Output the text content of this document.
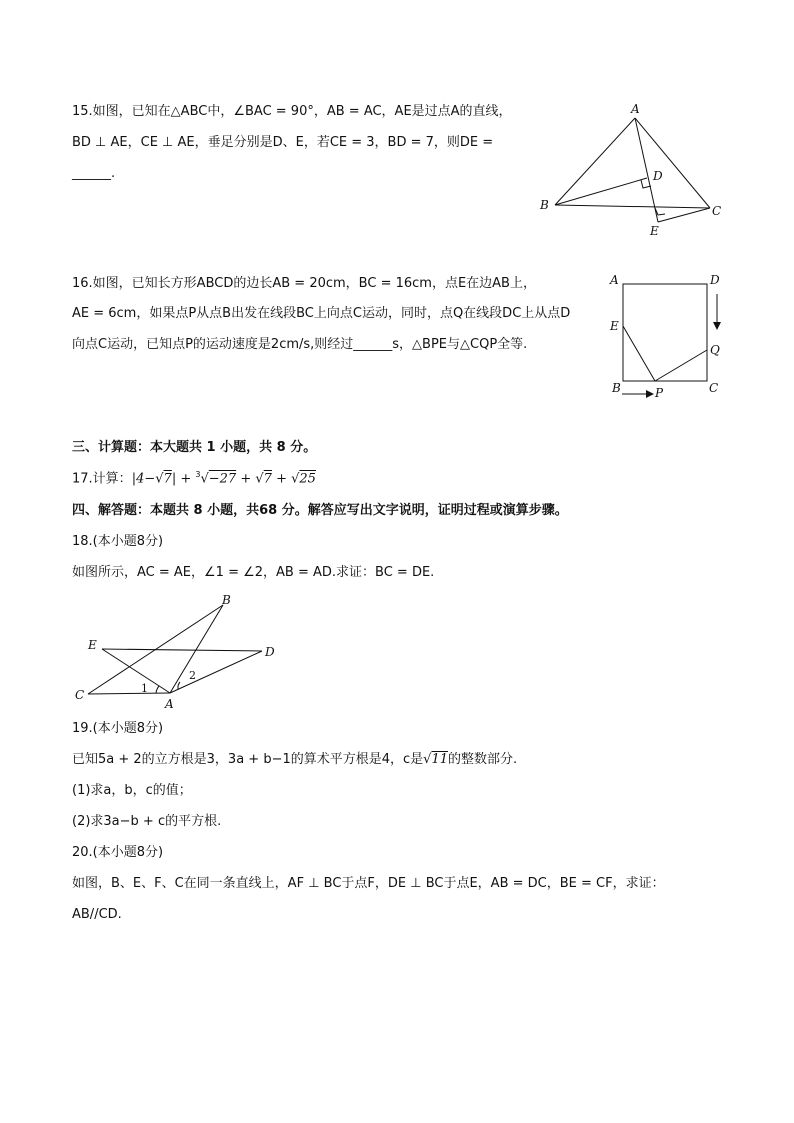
15.如图，已知在△ABC中，∠BAC = 90°，AB = AC，AE是过点A的直线，
BD ⊥ AE，CE ⊥ AE，垂足分别是D、E，若CE = 3，BD = 7，则DE =
______.
A
B	C
D
E
16.如图，已知长方形ABCD的边长AB = 20cm，BC = 16cm，点E在边AB上，
AE = 6cm，如果点P从点B出发在线段BC上向点C运动，同时，点Q在线段DC上从点D
向点C运动，已知点P的运动速度是2cm/s,则经过______s，△BPE与△CQP全等.
A	D
E
Q
B	C
P
三、计算题：本大题共 1 小题，共 8 分。
17.计算：|4−√7| + $^3$√−27 + √7 + √25
四、解答题：本题共 8 小题，共68 分。解答应写出文字说明，证明过程或演算步骤。
18.(本小题8分)
如图所示，AC = AE，∠1 = ∠2，AB = AD.求证：BC = DE.
B
E	D
C
A
1
2
19.(本小题8分)
已知5a + 2的立方根是3，3a + b−1的算术平方根是4，c是√11的整数部分.
(1)求a，b，c的值；
(2)求3a−b + c的平方根.
20.(本小题8分)
如图，B、E、F、C在同一条直线上，AF ⊥ BC于点F，DE ⊥ BC于点E，AB = DC，BE = CF，求证：
AB//CD.
